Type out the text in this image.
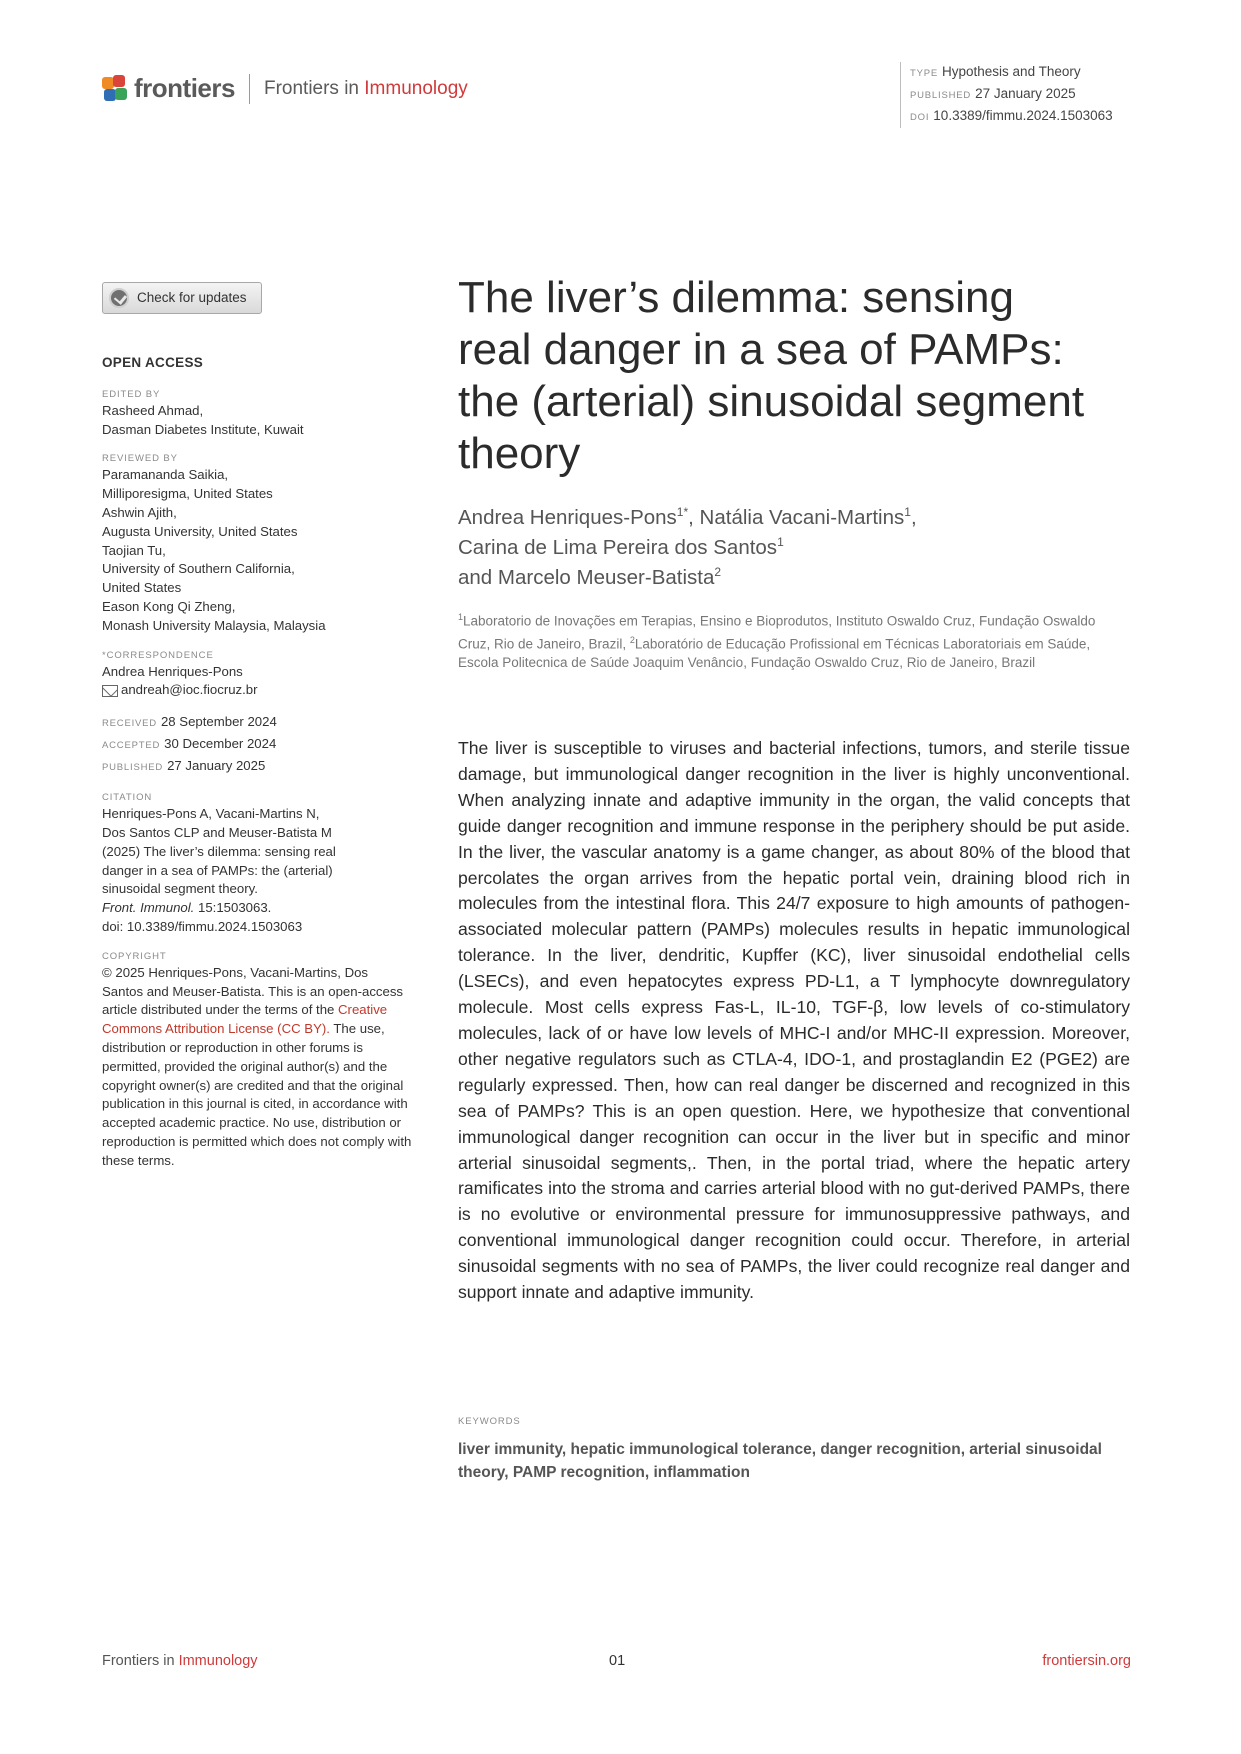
frontiers Frontiers in Immunology
TYPE Hypothesis and Theory
PUBLISHED 27 January 2025
DOI 10.3389/fimmu.2024.1503063
Check for updates
OPEN ACCESS
EDITED BY
Rasheed Ahmad,
Dasman Diabetes Institute, Kuwait
REVIEWED BY
Paramananda Saikia,
Milliporesigma, United States
Ashwin Ajith,
Augusta University, United States
Taojian Tu,
University of Southern California,
United States
Eason Kong Qi Zheng,
Monash University Malaysia, Malaysia
*CORRESPONDENCE
Andrea Henriques-Pons
andreah@ioc.fiocruz.br
RECEIVED 28 September 2024
ACCEPTED 30 December 2024
PUBLISHED 27 January 2025
CITATION
Henriques-Pons A, Vacani-Martins N,
Dos Santos CLP and Meuser-Batista M
(2025) The liver’s dilemma: sensing real
danger in a sea of PAMPs: the (arterial)
sinusoidal segment theory.
Front. Immunol. 15:1503063.
doi: 10.3389/fimmu.2024.1503063
COPYRIGHT
© 2025 Henriques-Pons, Vacani-Martins, Dos Santos and Meuser-Batista. This is an open-access article distributed under the terms of the Creative Commons Attribution License (CC BY). The use, distribution or reproduction in other forums is permitted, provided the original author(s) and the copyright owner(s) are credited and that the original publication in this journal is cited, in accordance with accepted academic practice. No use, distribution or reproduction is permitted which does not comply with these terms.
The liver’s dilemma: sensing real danger in a sea of PAMPs: the (arterial) sinusoidal segment theory
Andrea Henriques-Pons$^{1*}$, Natália Vacani-Martins$^1$,
Carina de Lima Pereira dos Santos$^1$
and Marcelo Meuser-Batista$^2$
$^1$Laboratorio de Inovações em Terapias, Ensino e Bioprodutos, Instituto Oswaldo Cruz, Fundação Oswaldo Cruz, Rio de Janeiro, Brazil, $^2$Laboratório de Educação Profissional em Técnicas Laboratoriais em Saúde, Escola Politecnica de Saúde Joaquim Venâncio, Fundação Oswaldo Cruz, Rio de Janeiro, Brazil

The liver is susceptible to viruses and bacterial infections, tumors, and sterile tissue damage, but immunological danger recognition in the liver is highly unconventional. When analyzing innate and adaptive immunity in the organ, the valid concepts that guide danger recognition and immune response in the periphery should be put aside. In the liver, the vascular anatomy is a game changer, as about 80% of the blood that percolates the organ arrives from the hepatic portal vein, draining blood rich in molecules from the intestinal flora. This 24/7 exposure to high amounts of pathogen-associated molecular pattern (PAMPs) molecules results in hepatic immunological tolerance. In the liver, dendritic, Kupffer (KC), liver sinusoidal endothelial cells (LSECs), and even hepatocytes express PD-L1, a T lymphocyte downregulatory molecule. Most cells express Fas-L, IL-10, TGF-β, low levels of co-stimulatory molecules, lack of or have low levels of MHC-I and/or MHC-II expression. Moreover, other negative regulators such as CTLA-4, IDO-1, and prostaglandin E2 (PGE2) are regularly expressed. Then, how can real danger be discerned and recognized in this sea of PAMPs? This is an open question. Here, we hypothesize that conventional immunological danger recognition can occur in the liver but in specific and minor arterial sinusoidal segments,. Then, in the portal triad, where the hepatic artery ramificates into the stroma and carries arterial blood with no gut-derived PAMPs, there is no evolutive or environmental pressure for immunosuppressive pathways, and conventional immunological danger recognition could occur. Therefore, in arterial sinusoidal segments with no sea of PAMPs, the liver could recognize real danger and support innate and adaptive immunity.

KEYWORDS
liver immunity, hepatic immunological tolerance, danger recognition, arterial sinusoidal theory, PAMP recognition, inflammation
Frontiers in Immunology	01	frontiersin.org
